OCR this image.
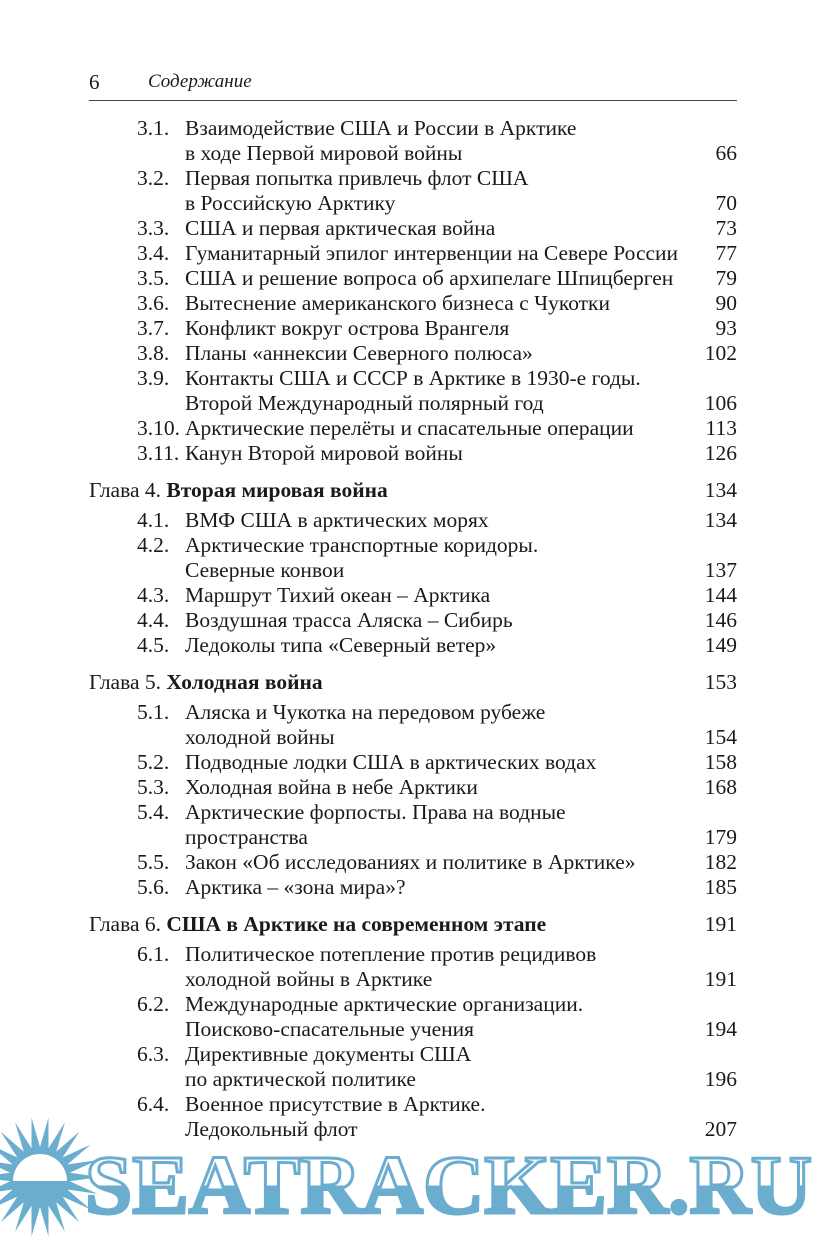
6	Содержание
3.1. Взаимодействие США и России в Арктике
в ходе Первой мировой войны	66
3.2. Первая попытка привлечь флот США
в Российскую Арктику	70
3.3. США и первая арктическая война	73
3.4. Гуманитарный эпилог интервенции на Севере России	77
3.5. США и решение вопроса об архипелаге Шпицберген	79
3.6. Вытеснение американского бизнеса с Чукотки	90
3.7. Конфликт вокруг острова Врангеля	93
3.8. Планы «аннексии Северного полюса»	102
3.9. Контакты США и СССР в Арктике в 1930-е годы.
Второй Международный полярный год	106
3.10. Арктические перелёты и спасательные операции	113
3.11. Канун Второй мировой войны	126
Глава 4. Вторая мировая война	134
4.1. ВМФ США в арктических морях	134
4.2. Арктические транспортные коридоры.
Северные конвои	137
4.3. Маршрут Тихий океан – Арктика	144
4.4. Воздушная трасса Аляска – Сибирь	146
4.5. Ледоколы типа «Северный ветер»	149
Глава 5. Холодная война	153
5.1. Аляска и Чукотка на передовом рубеже
холодной войны	154
5.2. Подводные лодки США в арктических водах	158
5.3. Холодная война в небе Арктики	168
5.4. Арктические форпосты. Права на водные
пространства	179
5.5. Закон «Об исследованиях и политике в Арктике»	182
5.6. Арктика – «зона мира»?	185
Глава 6. США в Арктике на современном этапе	191
6.1. Политическое потепление против рецидивов
холодной войны в Арктике	191
6.2. Международные арктические организации.
Поисково-спасательные учения	194
6.3. Директивные документы США
по арктической политике	196
6.4. Военное присутствие в Арктике.
Ледокольный флот	207
SEATRACKER.RU
